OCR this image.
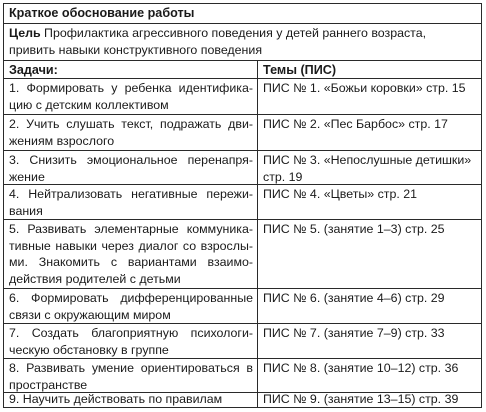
Краткое обоснование работы
Цель Профилактика агрессивного поведения у детей раннего возраста,
привить навыки конструктивного поведения
Задачи:	Темы (ПИС)
1. Формировать у ребенка идентифика-
цию с детским коллективом
ПИС № 1. «Божьи коровки» стр. 15
2. Учить слушать текст, подражать дви-
жениям взрослого
ПИС № 2. «Пес Барбос» стр. 17
3. Снизить эмоциональное перенапря-
жение
ПИС № 3. «Непослушные детишки»
стр. 19
4. Нейтрализовать негативные пережи-
вания
ПИС № 4. «Цветы» стр. 21
5. Развивать элементарные коммуника-
тивные навыки через диалог со взрослы-
ми. Знакомить с вариантами взаимо-
действия родителей с детьми
ПИС № 5. (занятие 1–3) стр. 25
6. Формировать дифференцированные
связи с окружающим миром
ПИС № 6. (занятие 4–6) стр. 29
7. Создать благоприятную психологи-
ческую обстановку в группе
ПИС № 7. (занятие 7–9) стр. 33
8. Развивать умение ориентироваться в
пространстве
ПИС № 8. (занятие 10–12) стр. 36
9. Научить действовать по правилам	ПИС № 9. (занятие 13–15) стр. 39
